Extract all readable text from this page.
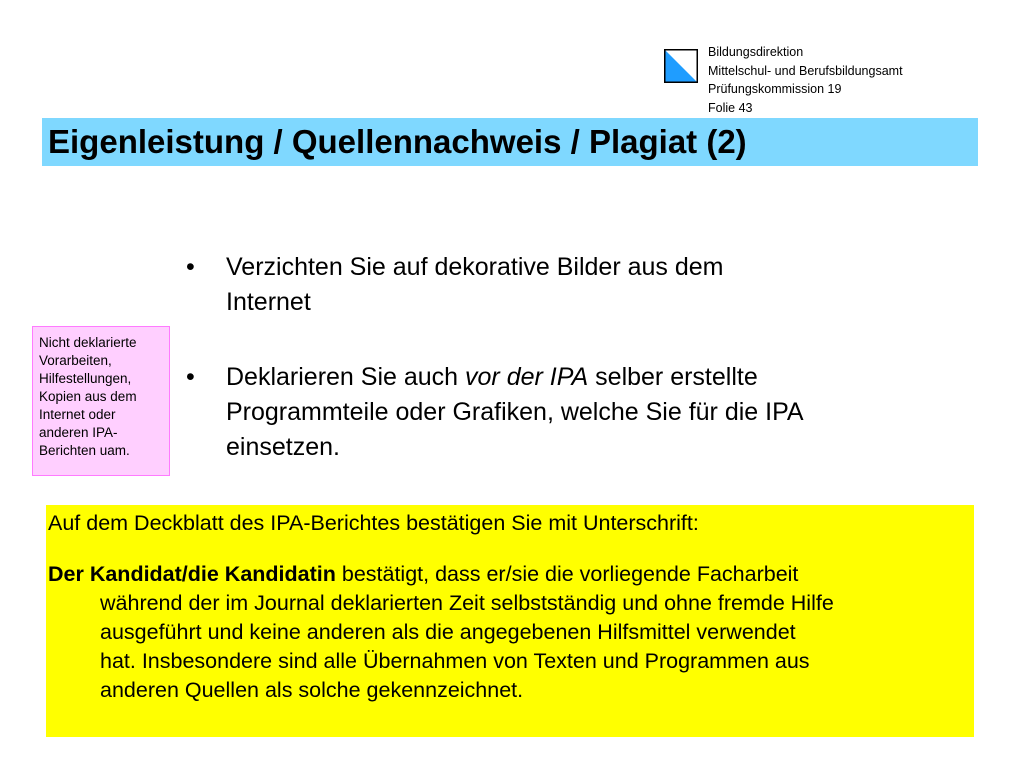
Bildungsdirektion
Mittelschul- und Berufsbildungsamt
Prüfungskommission 19
Folie 43
Eigenleistung / Quellennachweis / Plagiat (2)
• Verzichten Sie auf dekorative Bilder aus dem
Internet
• Deklarieren Sie auch vor der IPA selber erstellte
Programmteile oder Grafiken, welche Sie für die IPA
einsetzen.
Nicht deklarierte
Vorarbeiten,
Hilfestellungen,
Kopien aus dem
Internet oder
anderen IPA-
Berichten uam.

Auf dem Deckblatt des IPA-Berichtes bestätigen Sie mit Unterschrift:

Der Kandidat/die Kandidatin bestätigt, dass er/sie die vorliegende Facharbeit
während der im Journal deklarierten Zeit selbstständig und ohne fremde Hilfe
ausgeführt und keine anderen als die angegebenen Hilfsmittel verwendet
hat. Insbesondere sind alle Übernahmen von Texten und Programmen aus
anderen Quellen als solche gekennzeichnet.
